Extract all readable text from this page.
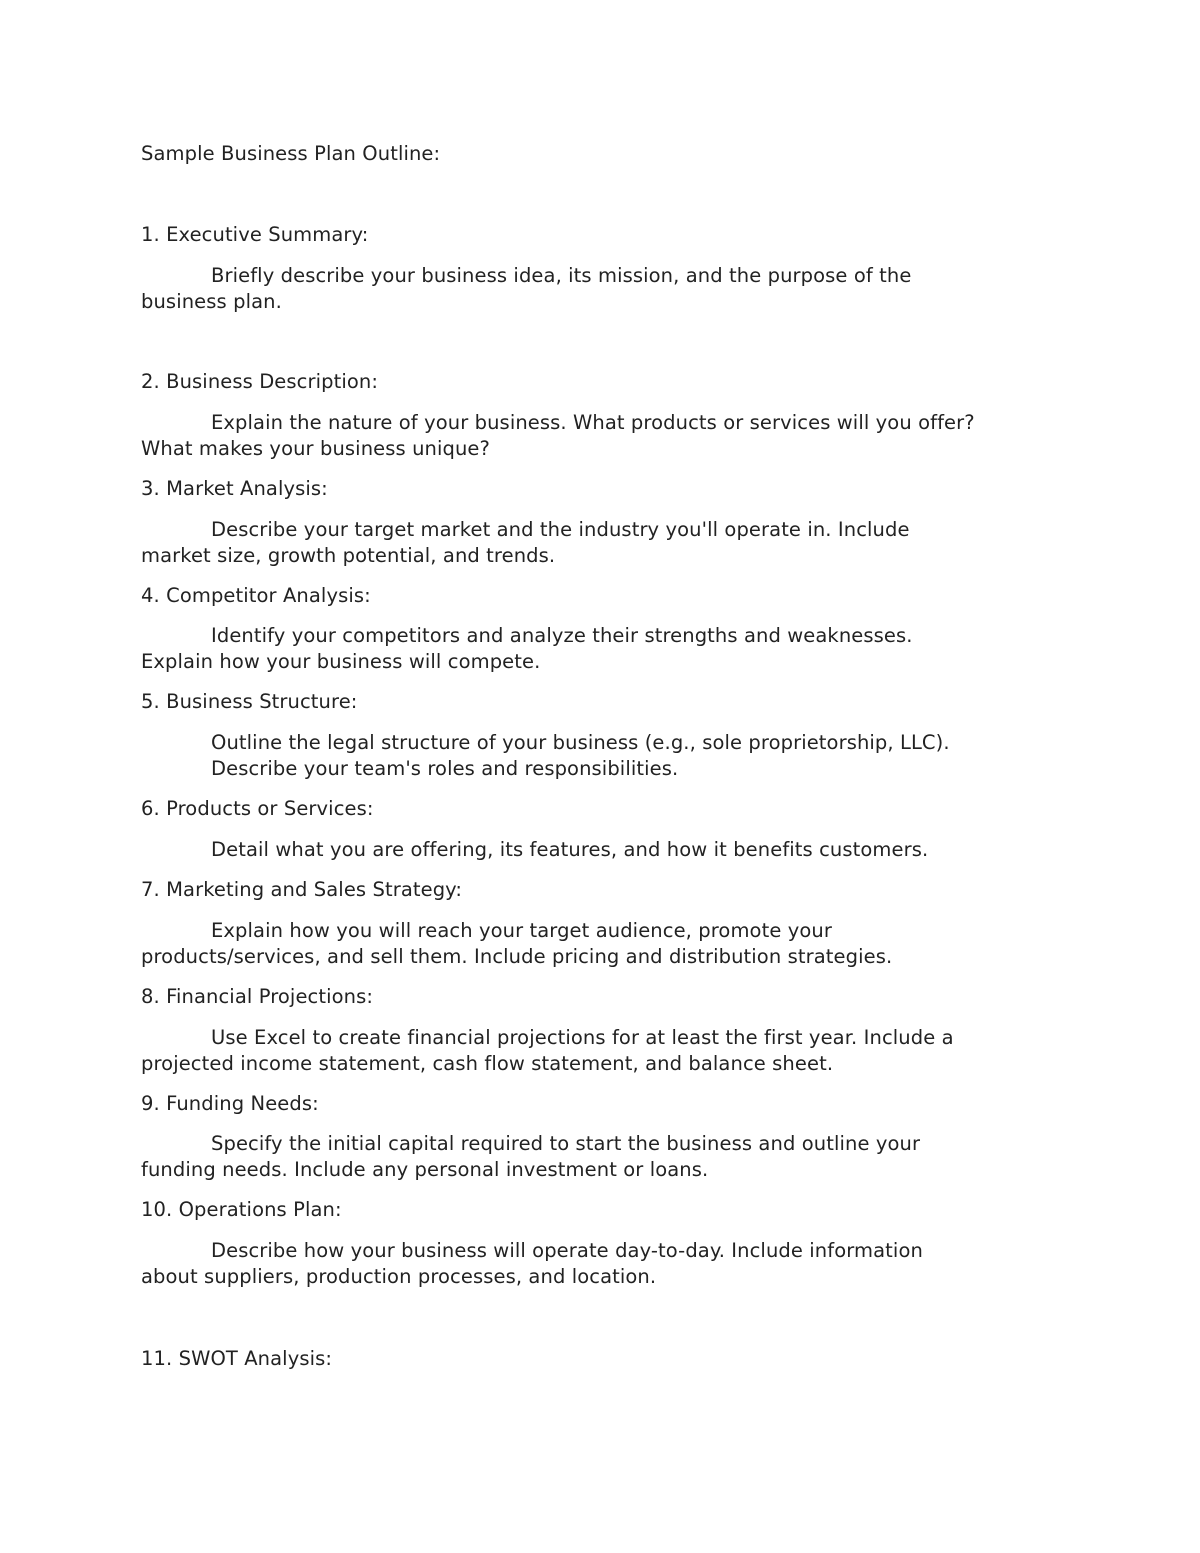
Sample Business Plan Outline:
1. Executive Summary:
Briefly describe your business idea, its mission, and the purpose of the
business plan.
2. Business Description:
Explain the nature of your business. What products or services will you offer?
What makes your business unique?
3. Market Analysis:
Describe your target market and the industry you'll operate in. Include
market size, growth potential, and trends.
4. Competitor Analysis:
Identify your competitors and analyze their strengths and weaknesses.
Explain how your business will compete.
5. Business Structure:
Outline the legal structure of your business (e.g., sole proprietorship, LLC).
Describe your team's roles and responsibilities.
6. Products or Services:
Detail what you are offering, its features, and how it benefits customers.
7. Marketing and Sales Strategy:
Explain how you will reach your target audience, promote your
products/services, and sell them. Include pricing and distribution strategies.
8. Financial Projections:
Use Excel to create financial projections for at least the first year. Include a
projected income statement, cash flow statement, and balance sheet.
9. Funding Needs:
Specify the initial capital required to start the business and outline your
funding needs. Include any personal investment or loans.
10. Operations Plan:
Describe how your business will operate day-to-day. Include information
about suppliers, production processes, and location.
11. SWOT Analysis:
